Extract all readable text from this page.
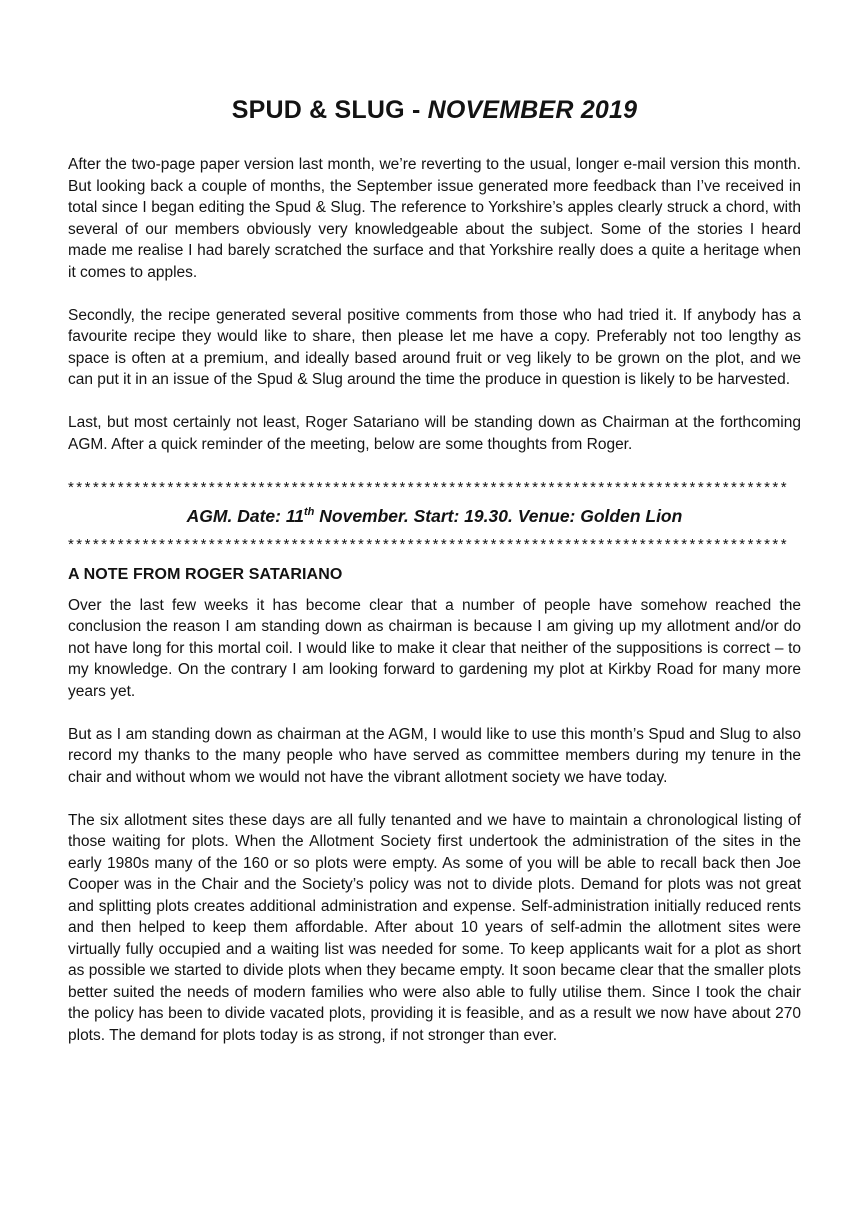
SPUD & SLUG - NOVEMBER 2019

After the two-page paper version last month, we’re reverting to the usual, longer e-mail version this month. But looking back a couple of months, the September issue generated more feedback than I’ve received in total since I began editing the Spud & Slug. The reference to Yorkshire’s apples clearly struck a chord, with several of our members obviously very knowledgeable about the subject. Some of the stories I heard made me realise I had barely scratched the surface and that Yorkshire really does a quite a heritage when it comes to apples.

Secondly, the recipe generated several positive comments from those who had tried it. If anybody has a favourite recipe they would like to share, then please let me have a copy. Preferably not too lengthy as space is often at a premium, and ideally based around fruit or veg likely to be grown on the plot, and we can put it in an issue of the Spud & Slug around the time the produce in question is likely to be harvested.

Last, but most certainly not least, Roger Satariano will be standing down as Chairman at the forthcoming AGM. After a quick reminder of the meeting, below are some thoughts from Roger.

***************************************************************************************

AGM. Date: 11th November. Start: 19.30. Venue: Golden Lion

***************************************************************************************
A NOTE FROM ROGER SATARIANO

Over the last few weeks it has become clear that a number of people have somehow reached the conclusion the reason I am standing down as chairman is because I am giving up my allotment and/or do not have long for this mortal coil. I would like to make it clear that neither of the suppositions is correct – to my knowledge. On the contrary I am looking forward to gardening my plot at Kirkby Road for many more years yet.

But as I am standing down as chairman at the AGM, I would like to use this month’s Spud and Slug to also record my thanks to the many people who have served as committee members during my tenure in the chair and without whom we would not have the vibrant allotment society we have today.

The six allotment sites these days are all fully tenanted and we have to maintain a chronological listing of those waiting for plots. When the Allotment Society first undertook the administration of the sites in the early 1980s many of the 160 or so plots were empty. As some of you will be able to recall back then Joe Cooper was in the Chair and the Society’s policy was not to divide plots. Demand for plots was not great and splitting plots creates additional administration and expense. Self-administration initially reduced rents and then helped to keep them affordable. After about 10 years of self-admin the allotment sites were virtually fully occupied and a waiting list was needed for some. To keep applicants wait for a plot as short as possible we started to divide plots when they became empty. It soon became clear that the smaller plots better suited the needs of modern families who were also able to fully utilise them. Since I took the chair the policy has been to divide vacated plots, providing it is feasible, and as a result we now have about 270 plots. The demand for plots today is as strong, if not stronger than ever.
